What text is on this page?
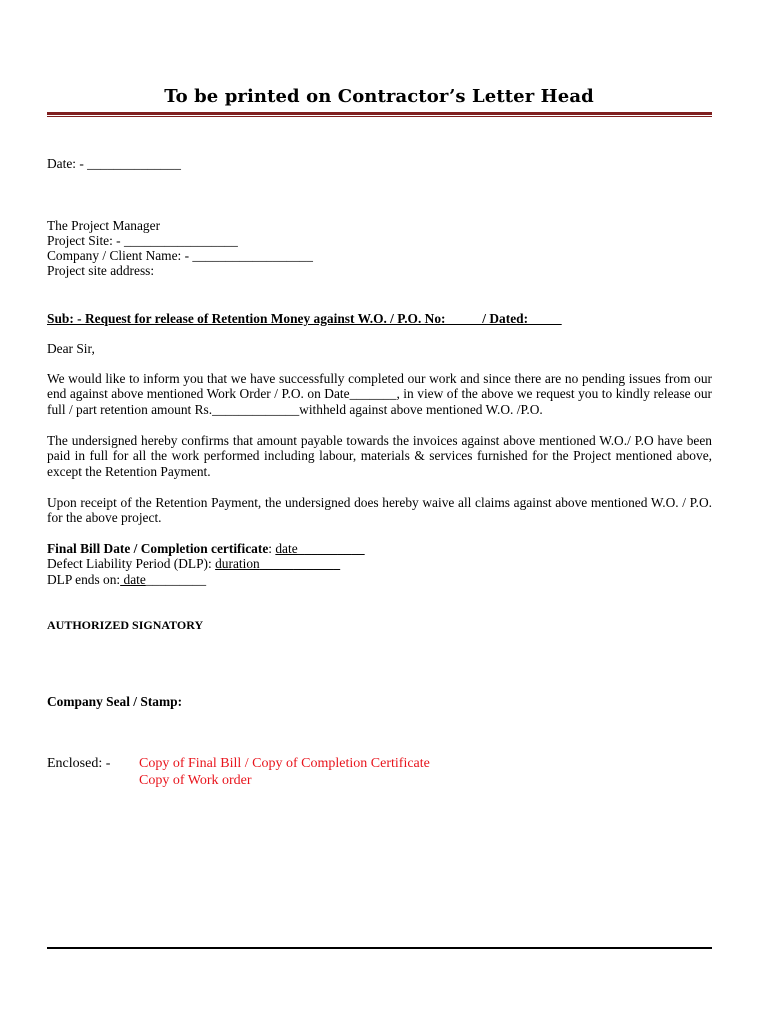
To be printed on Contractor’s Letter Head
Date: - ______________
The Project Manager
Project Site: - _________________
Company / Client Name: - __________________
Project site address:
Sub: - Request for release of Retention Money against W.O. / P.O. No:_____ / Dated:_____
Dear Sir,
We would like to inform you that we have successfully completed our work and since there are no pending issues from our end against above mentioned Work Order / P.O. on Date_______, in view of the above we request you to kindly release our full / part retention amount Rs._____________withheld against above mentioned W.O. /P.O.
The undersigned hereby confirms that amount payable towards the invoices against above mentioned W.O./ P.O have been paid in full for all the work performed including labour, materials & services furnished for the Project mentioned above, except the Retention Payment.
Upon receipt of the Retention Payment, the undersigned does hereby waive all claims against above mentioned W.O. / P.O. for the above project.
Final Bill Date / Completion certificate: date__________
Defect Liability Period (DLP): duration____________
DLP ends on: date_________
AUTHORIZED SIGNATORY
Company Seal / Stamp:
Enclosed: - Copy of Final Bill / Copy of Completion Certificate
Copy of Work order
